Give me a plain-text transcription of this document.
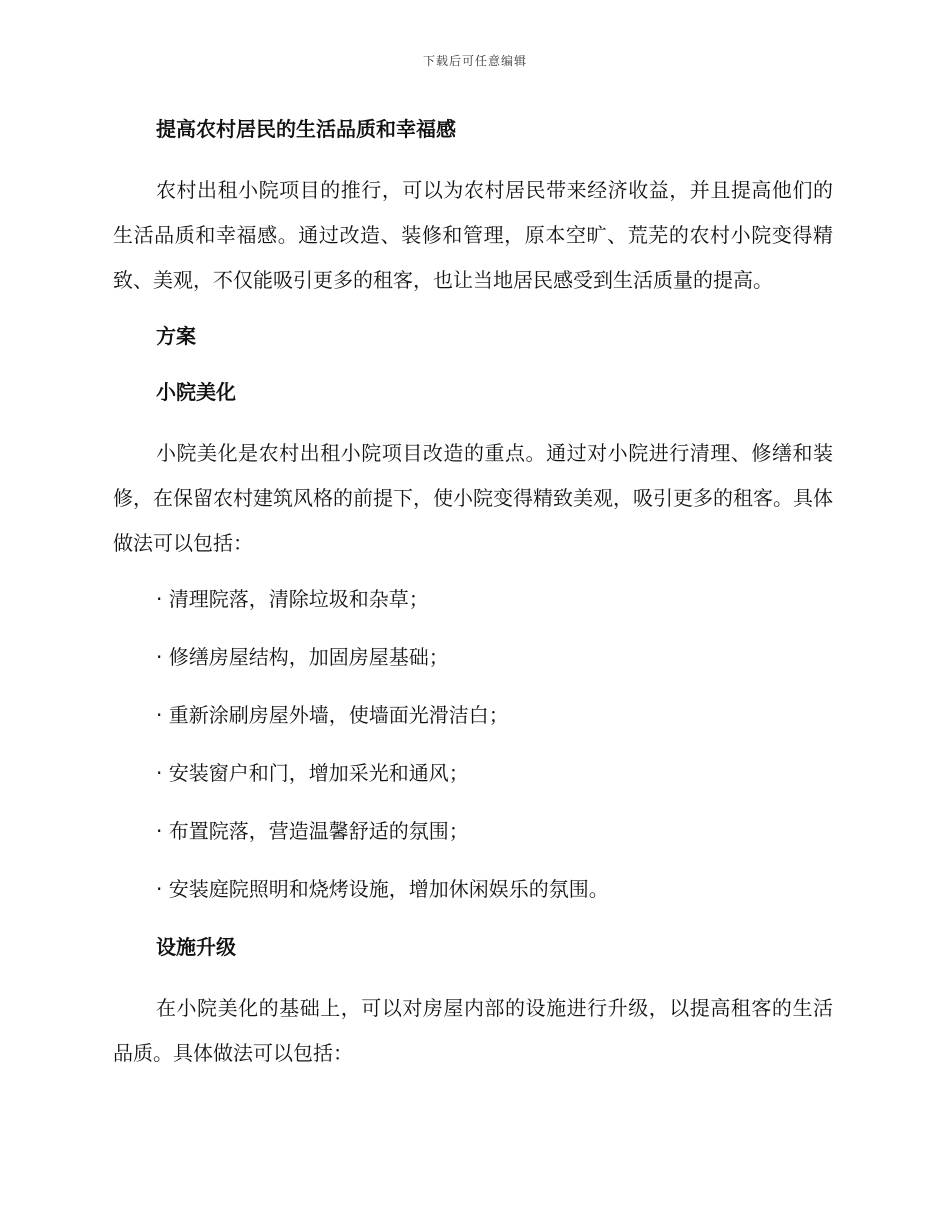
下载后可任意编辑
提高农村居民的生活品质和幸福感
农村出租小院项目的推行，可以为农村居民带来经济收益，并且提高他们的生活品质和幸福感。通过改造、装修和管理，原本空旷、荒芜的农村小院变得精致、美观，不仅能吸引更多的租客，也让当地居民感受到生活质量的提高。
方案
小院美化
小院美化是农村出租小院项目改造的重点。通过对小院进行清理、修缮和装修，在保留农村建筑风格的前提下，使小院变得精致美观，吸引更多的租客。具体做法可以包括：
· 清理院落，清除垃圾和杂草；
· 修缮房屋结构，加固房屋基础；
· 重新涂刷房屋外墙，使墙面光滑洁白；
· 安装窗户和门，增加采光和通风；
· 布置院落，营造温馨舒适的氛围；
· 安装庭院照明和烧烤设施，增加休闲娱乐的氛围。
设施升级
在小院美化的基础上，可以对房屋内部的设施进行升级，以提高租客的生活品质。具体做法可以包括：
